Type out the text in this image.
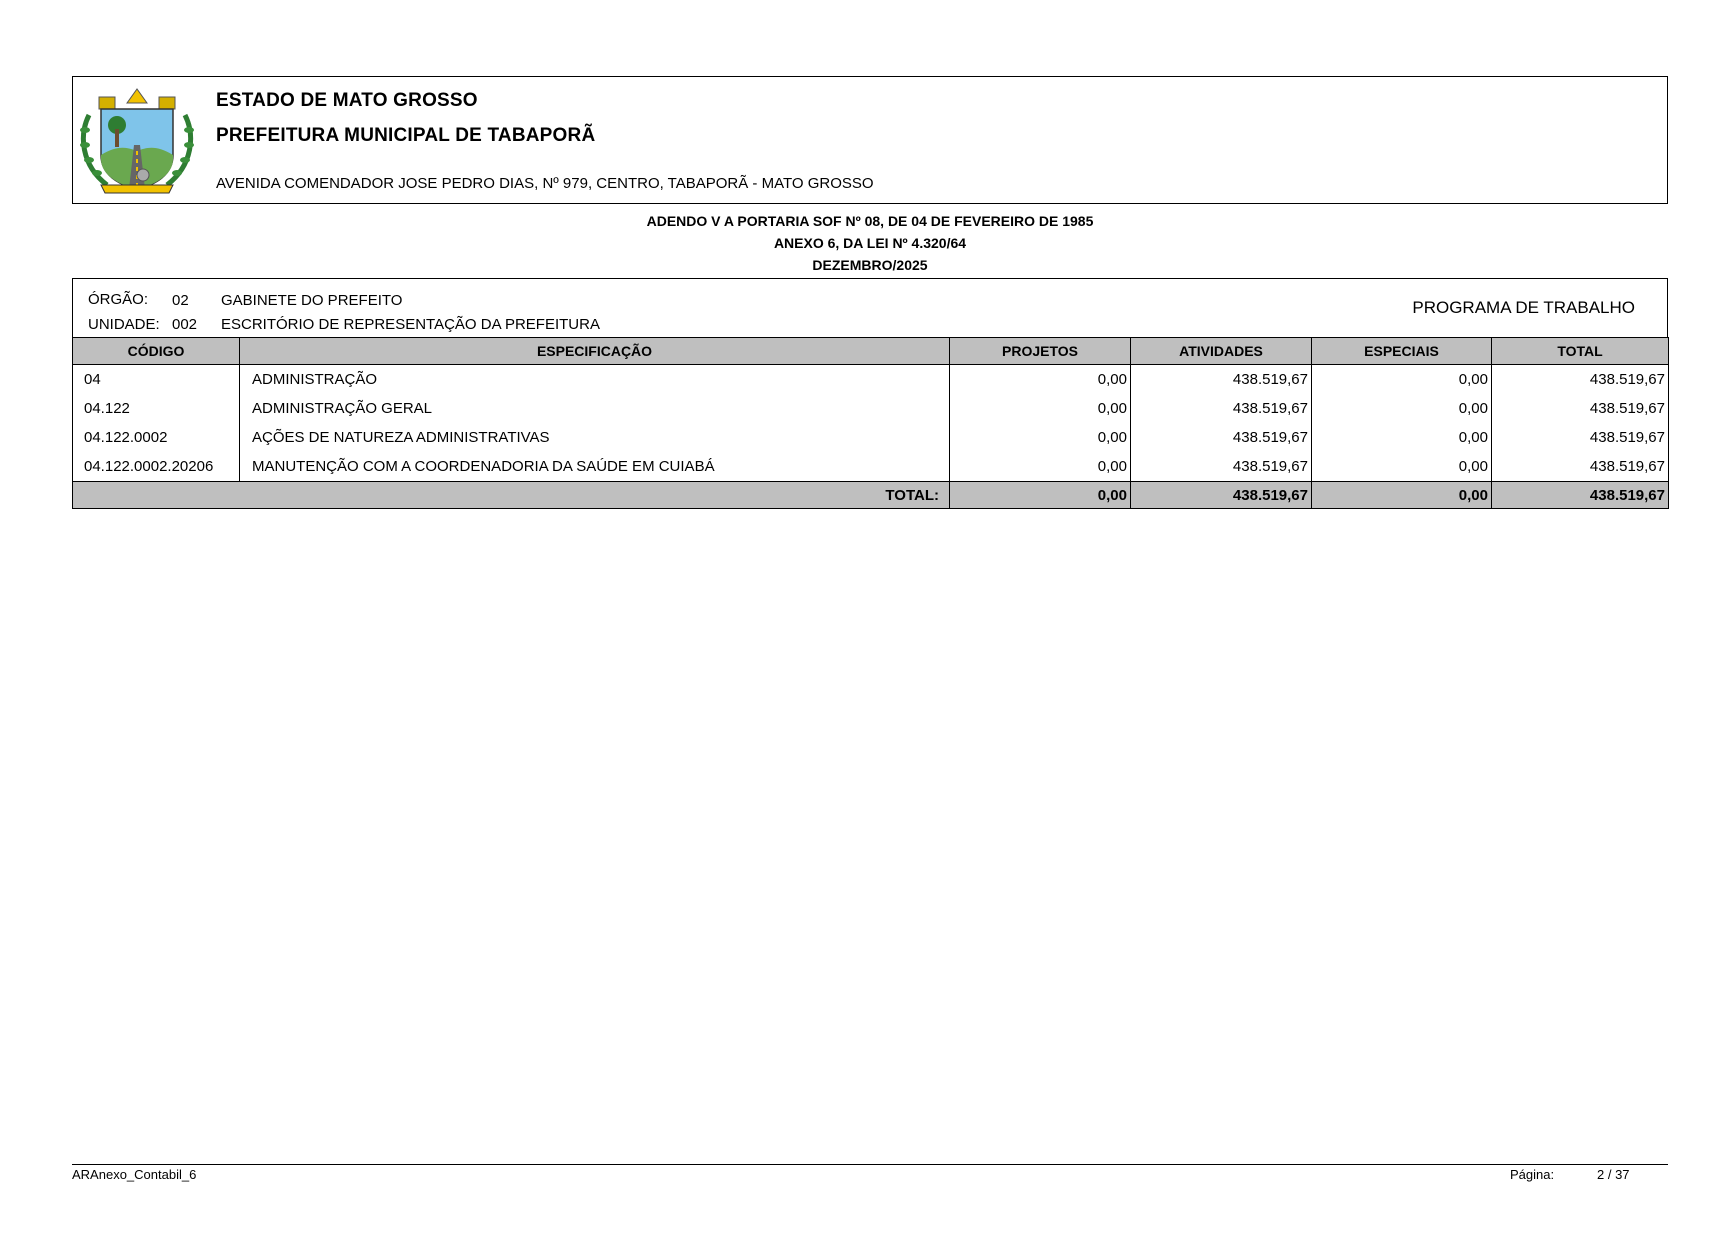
ESTADO DE MATO GROSSO
PREFEITURA MUNICIPAL DE TABAPORÃ
AVENIDA COMENDADOR JOSE PEDRO DIAS, Nº 979, CENTRO, TABAPORÃ - MATO GROSSO
ADENDO V A PORTARIA SOF Nº 08, DE 04 DE FEVEREIRO DE 1985
ANEXO 6, DA LEI Nº 4.320/64
DEZEMBRO/2025
ÓRGÃO: 02 GABINETE DO PREFEITO
UNIDADE: 002 ESCRITÓRIO DE REPRESENTAÇÃO DA PREFEITURA
PROGRAMA DE TRABALHO
CÓDIGO	ESPECIFICAÇÃO	PROJETOS	ATIVIDADES	ESPECIAIS	TOTAL
04	ADMINISTRAÇÃO	0,00	438.519,67	0,00	438.519,67
04.122	ADMINISTRAÇÃO GERAL	0,00	438.519,67	0,00	438.519,67
04.122.0002	AÇÕES DE NATUREZA ADMINISTRATIVAS	0,00	438.519,67	0,00	438.519,67
04.122.0002.20206	MANUTENÇÃO COM A COORDENADORIA DA SAÚDE EM CUIABÁ	0,00	438.519,67	0,00	438.519,67
TOTAL:		0,00	438.519,67	0,00	438.519,67
ARAnexo_Contabil_6	Página:	2 / 37
